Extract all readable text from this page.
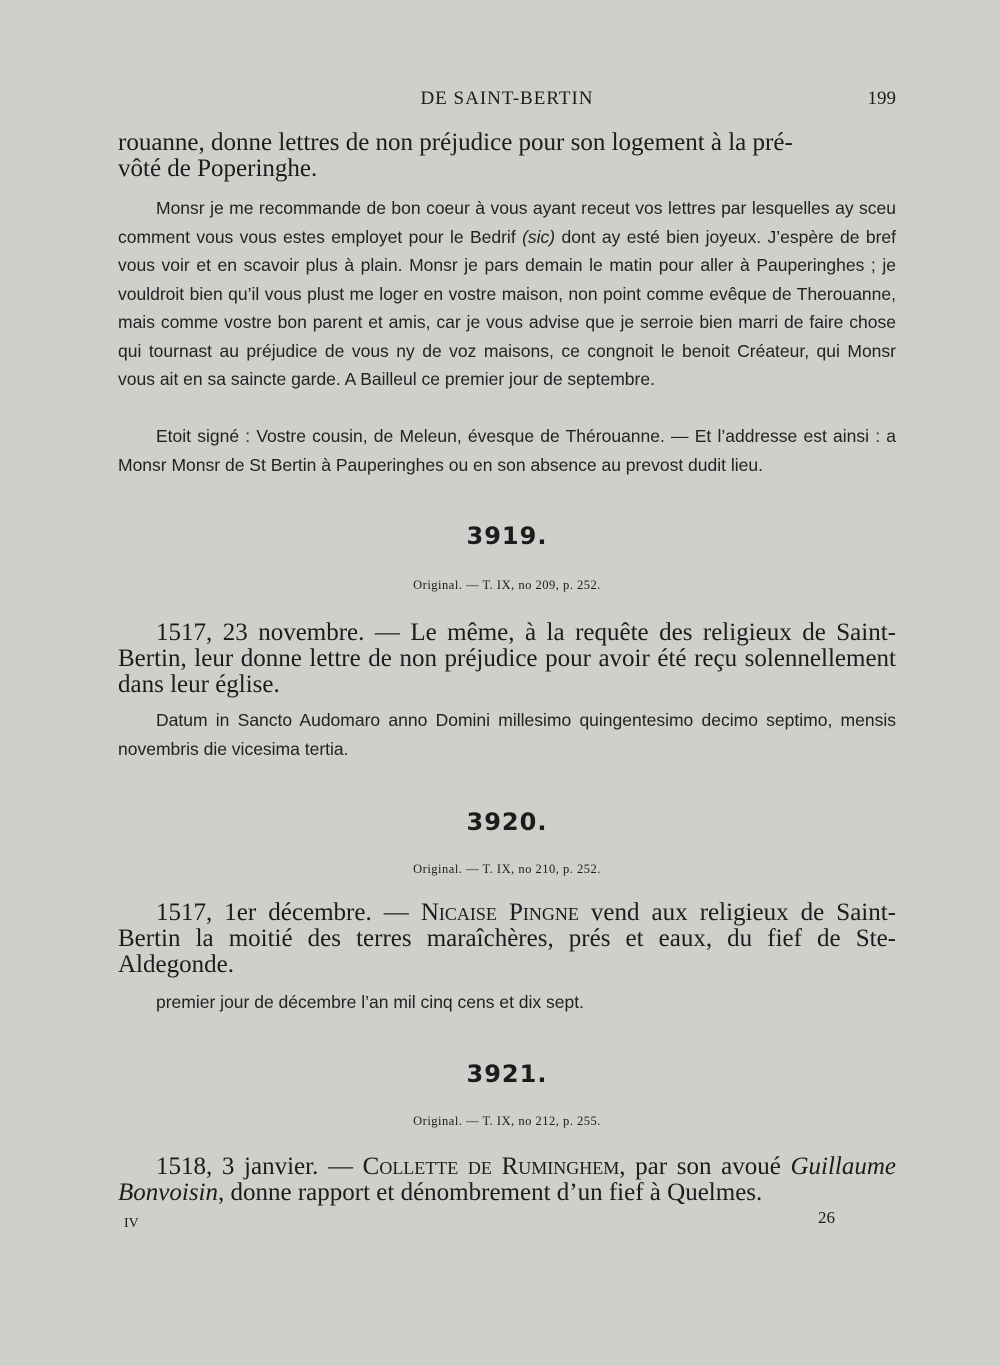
DE SAINT-BERTIN	199

rouanne, donne lettres de non préjudice pour son logement à la pré-
vôté de Poperinghe.

Monsr je me recommande de bon coeur à vous ayant receut vos lettres par lesquelles ay sceu comment vous vous estes employet pour le Bedrif (sic) dont ay esté bien joyeux. J’espère de bref vous voir et en scavoir plus à plain. Monsr je pars demain le matin pour aller à Pauperinghes ; je vouldroit bien qu’il vous plust me loger en vostre maison, non point comme evêque de Therouanne, mais comme vostre bon parent et amis, car je vous advise que je serroie bien marri de faire chose qui tournast au préjudice de vous ny de voz maisons, ce congnoit le benoit Créateur, qui Monsr vous ait en sa saincte garde. A Bailleul ce premier jour de septembre.

Etoit signé : Vostre cousin, de Meleun, évesque de Thérouanne. — Et l’addresse est ainsi : a Monsr Monsr de St Bertin à Pauperinghes ou en son absence au prevost dudit lieu.

3919.
Original. — T. IX, no 209, p. 252.

1517, 23 novembre. — Le même, à la requête des religieux de Saint-Bertin, leur donne lettre de non préjudice pour avoir été reçu solennellement dans leur église.

Datum in Sancto Audomaro anno Domini millesimo quingentesimo decimo septimo, mensis novembris die vicesima tertia.

3920.
Original. — T. IX, no 210, p. 252.

1517, 1er décembre. — Nicaise Pingne vend aux religieux de Saint-Bertin la moitié des terres maraîchères, prés et eaux, du fief de Ste-Aldegonde.

premier jour de décembre l’an mil cinq cens et dix sept.

3921.
Original. — T. IX, no 212, p. 255.

1518, 3 janvier. — Collette de Ruminghem, par son avoué Guillaume Bonvoisin, donne rapport et dénombrement d’un fief à Quelmes.

IV	26
